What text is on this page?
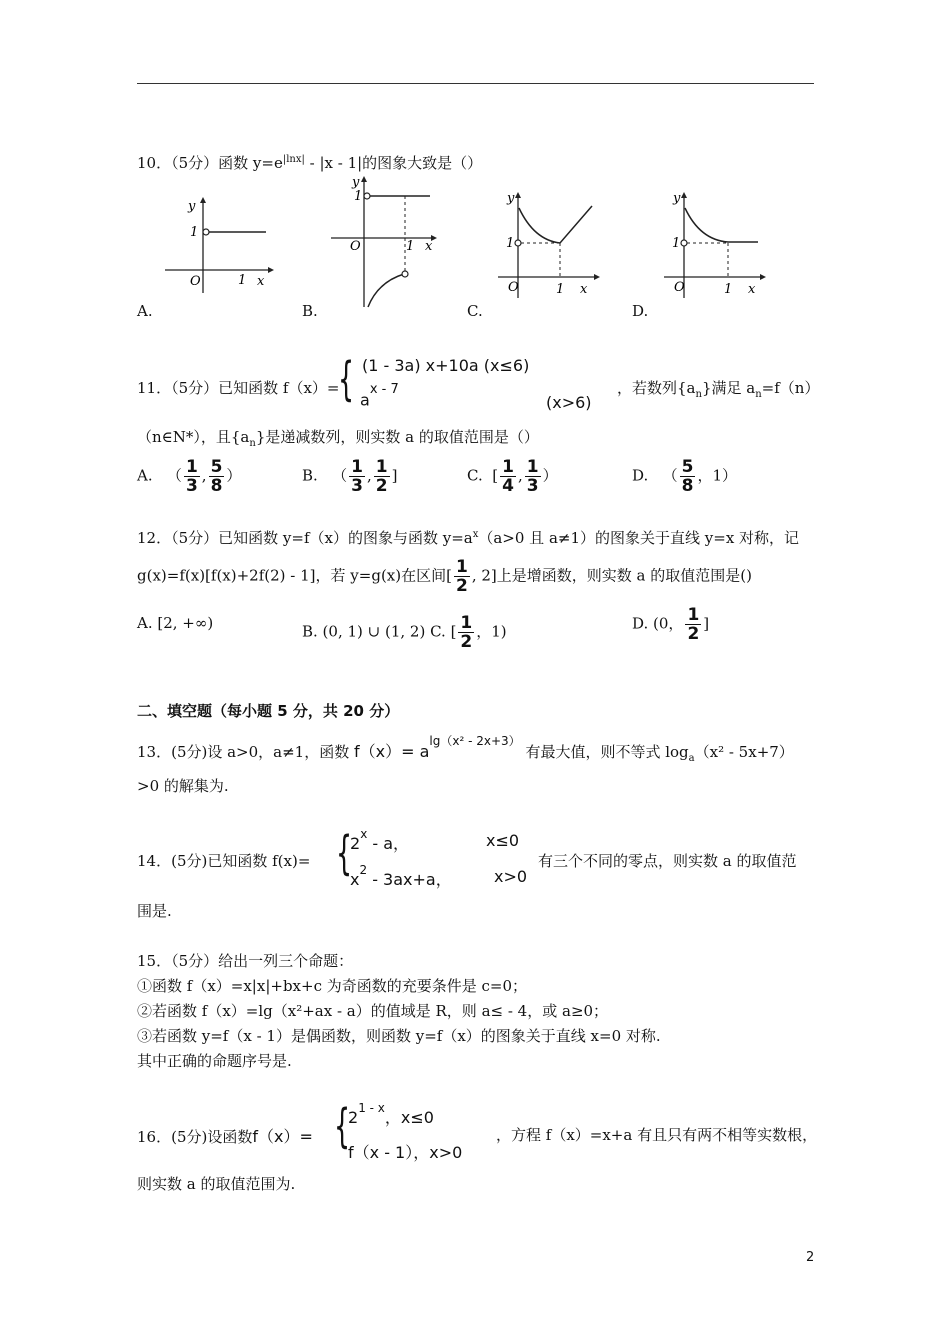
10．（5分）函数 $y=e^{|lnx|} - |x - 1|$的图象大致是（）
y
1
O	1 x
A.
y
1
O	1 x
B.
y
1
O	1 x
C.
y
1
O	1 x
D.
11．（5分）已知函数 f（x）=
{ (1 - 3a) x+10a (x≤6)
$a^{x - 7}$
(x>6)
，若数列$\{a_n\}$满足 $a_n=f(n)$
（n∈N*），且$\{a_n\}$是递减数列，则实数 a 的取值范围是（）
A. （ $\frac{1}{3}$ , $\frac{5}{8}$ ）	B. （ $\frac{1}{3}$ , $\frac{1}{2}$ ]	C. [ $\frac{1}{4}$ , $\frac{1}{3}$ ）	D. （ $\frac{5}{8}$ ，1）
12．（5分）已知函数 y=f（x）的图象与函数 $y=a^x(a>0$ 且 a≠1）的图象关于直线 y=x 对称，记
g(x)=f(x)[f(x)+2f(2) - 1]，若 y=g(x)在区间[ $\frac{1}{2}$ , 2]上是增函数，则实数 a 的取值范围是()
A. [2, +∞)	B. (0, 1) ∪ (1, 2) C. [ $\frac{1}{2}$ ，1)	D. (0， $\frac{1}{2}$ ]
二、填空题（每小题 5 分，共 20 分）
13．(5分)设 a>0，a≠1，函数 $f(x)= a^{lg(x^2 - 2x+3)}$ 有最大值，则不等式 $\log_a(x^2 - 5x+7)$
>0 的解集为.
14．(5分)已知函数 f(x)= {
2$^x$ - a，	x≤0
$x^2 - 3ax+a$，	x>0
有三个不同的零点，则实数 a 的取值范
围是.
15．（5分）给出一列三个命题：
①函数 f（x）=x|x|+bx+c 为奇函数的充要条件是 c=0；
②若函数 f（x）=lg（x²+ax - a）的值域是 R，则 a≤ - 4，或 a≥0；
③若函数 y=f（x - 1）是偶函数，则函数 y=f（x）的图象关于直线 x=0 对称.
其中正确的命题序号是.
16．(5分)设函数f（x）= {
2$^{1 - x}$，x≤0
f（x - 1），x>0
，方程 f（x）=x+a 有且只有两不相等实数根，
则实数 a 的取值范围为.
2
